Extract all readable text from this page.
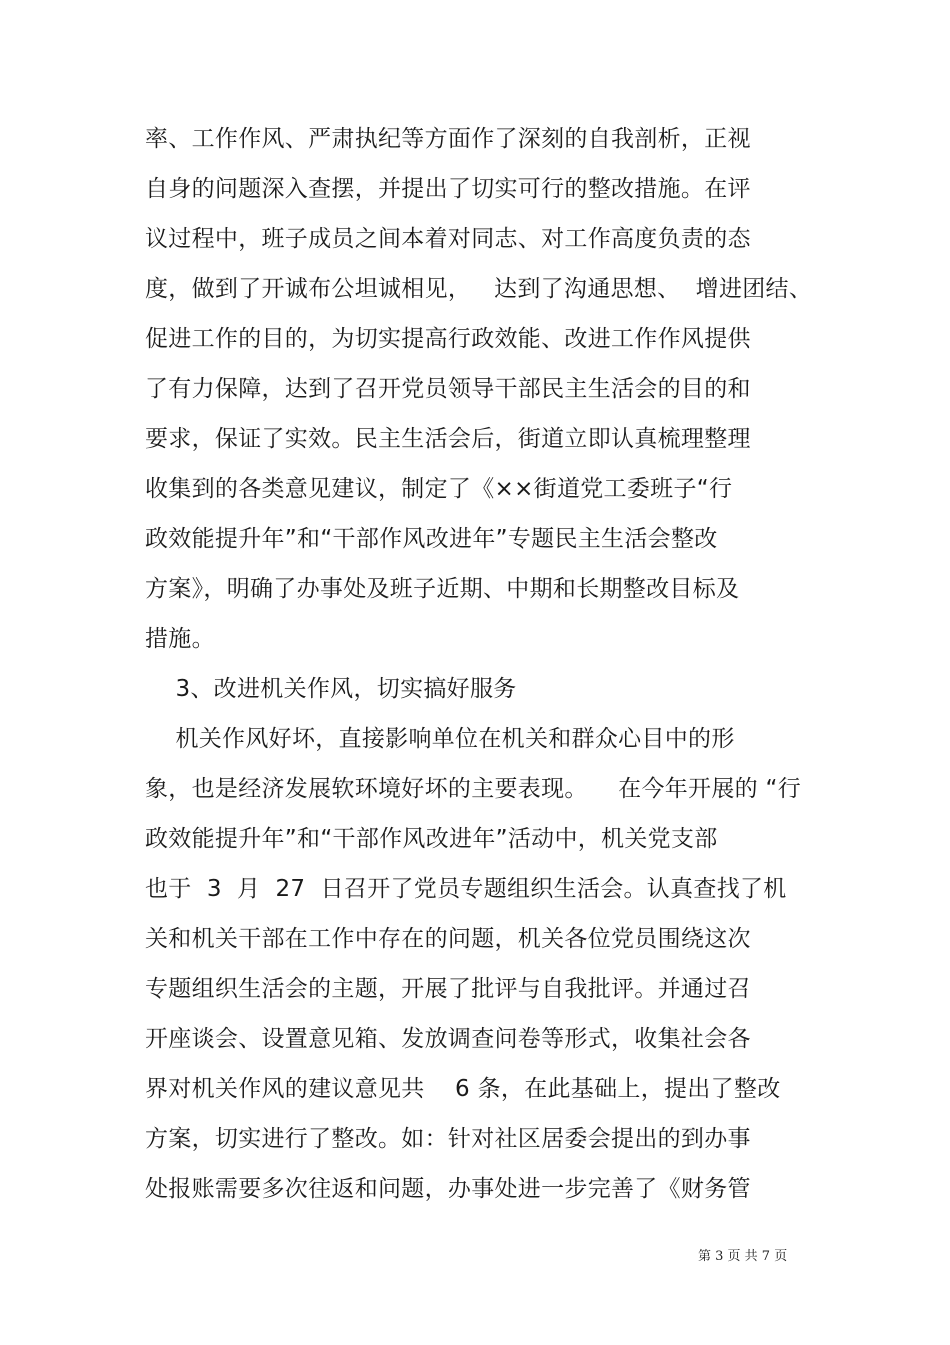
率、工作作风、严肃执纪等方面作了深刻的自我剖析，正视
自身的问题深入查摆，并提出了切实可行的整改措施。在评
议过程中，班子成员之间本着对同志、对工作高度负责的态
度，做到了开诚布公坦诚相见，   达到了沟通思想、  增进团结、
促进工作的目的，为切实提高行政效能、改进工作作风提供
了有力保障，达到了召开党员领导干部民主生活会的目的和
要求，保证了实效。民主生活会后，街道立即认真梳理整理
收集到的各类意见建议，制定了《××街道党工委班子“行
政效能提升年”和“干部作风改进年”专题民主生活会整改
方案》，明确了办事处及班子近期、中期和长期整改目标及
措施。
3、改进机关作风，切实搞好服务
机关作风好坏，直接影响单位在机关和群众心目中的形
象，也是经济发展软环境好坏的主要表现。    在今年开展的 “行
政效能提升年”和“干部作风改进年”活动中，机关党支部
也于  3  月  27  日召开了党员专题组织生活会。认真查找了机
关和机关干部在工作中存在的问题，机关各位党员围绕这次
专题组织生活会的主题，开展了批评与自我批评。并通过召
开座谈会、设置意见箱、发放调查问卷等形式，收集社会各
界对机关作风的建议意见共    6 条，在此基础上，提出了整改
方案，切实进行了整改。如：针对社区居委会提出的到办事
处报账需要多次往返和问题，办事处进一步完善了《财务管
第 3 页 共 7 页
